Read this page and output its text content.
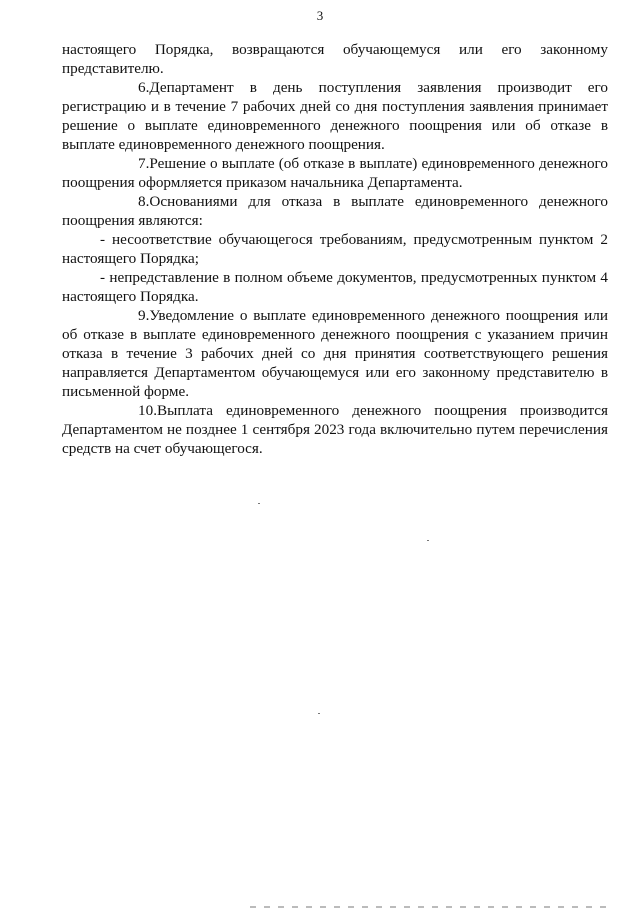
3

настоящего Порядка, возвращаются обучающемуся или его законному представителю.

6.Департамент в день поступления заявления производит его регистрацию и в течение 7 рабочих дней со дня поступления заявления принимает решение о выплате единовременного денежного поощрения или об отказе в выплате единовременного денежного поощрения.

7.Решение о выплате (об отказе в выплате) единовременного денежного поощрения оформляется приказом начальника Департамента.

8.Основаниями для отказа в выплате единовременного денежного поощрения являются:

- несоответствие обучающегося требованиям, предусмотренным пунктом 2 настоящего Порядка;

- непредставление в полном объеме документов, предусмотренных пунктом 4 настоящего Порядка.

9.Уведомление о выплате единовременного денежного поощрения или об отказе в выплате единовременного денежного поощрения с указанием причин отказа в течение 3 рабочих дней со дня принятия соответствующего решения направляется Департаментом обучающемуся или его законному представителю в письменной форме.

10.Выплата единовременного денежного поощрения производится Департаментом не позднее 1 сентября 2023 года включительно путем перечисления средств на счет обучающегося.
